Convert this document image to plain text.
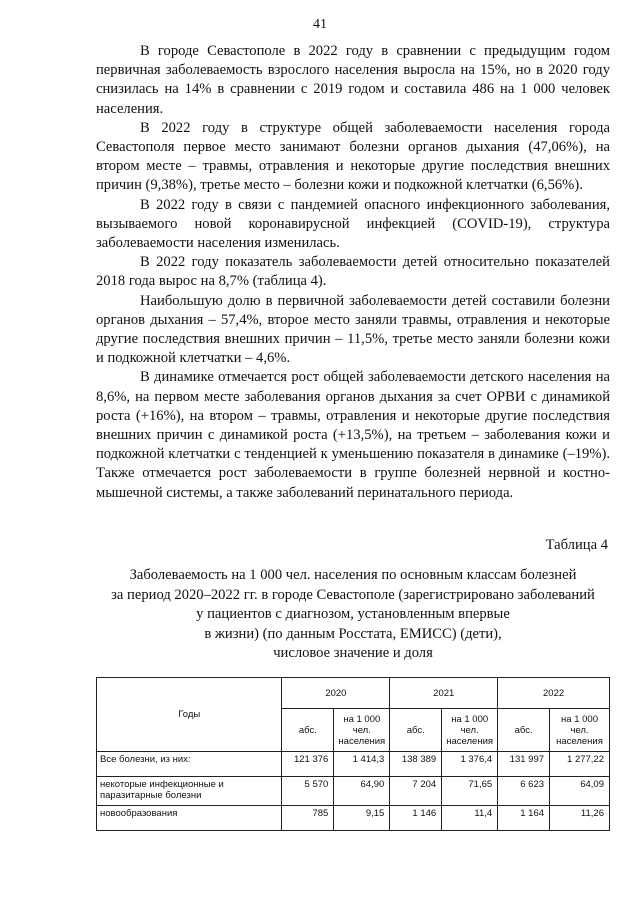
41

В городе Севастополе в 2022 году в сравнении с предыдущим годом первичная заболеваемость взрослого населения выросла на 15%, но в 2020 году снизилась на 14% в сравнении с 2019 годом и составила 486 на 1 000 человек населения.

В 2022 году в структуре общей заболеваемости населения города Севастополя первое место занимают болезни органов дыхания (47,06%), на втором месте – травмы, отравления и некоторые другие последствия внешних причин (9,38%), третье место – болезни кожи и подкожной клетчатки (6,56%).

В 2022 году в связи с пандемией опасного инфекционного заболевания, вызываемого новой коронавирусной инфекцией (COVID-19), структура заболеваемости населения изменилась.

В 2022 году показатель заболеваемости детей относительно показателей 2018 года вырос на 8,7% (таблица 4).

Наибольшую долю в первичной заболеваемости детей составили болезни органов дыхания – 57,4%, второе место заняли травмы, отравления и некоторые другие последствия внешних причин – 11,5%, третье место заняли болезни кожи и подкожной клетчатки – 4,6%.

В динамике отмечается рост общей заболеваемости детского населения на 8,6%, на первом месте заболевания органов дыхания за счет ОРВИ с динамикой роста (+16%), на втором – травмы, отравления и некоторые другие последствия внешних причин с динамикой роста (+13,5%), на третьем – заболевания кожи и подкожной клетчатки с тенденцией к уменьшению показателя в динамике (–19%). Также отмечается рост заболеваемости в группе болезней нервной и костно-мышечной системы, а также заболеваний перинатального периода.

Таблица 4
Заболеваемость на 1 000 чел. населения по основным классам болезней
за период 2020–2022 гг. в городе Севастополе (зарегистрировано заболеваний
у пациентов с диагнозом, установленным впервые
в жизни) (по данным Росстата, ЕМИСС) (дети),
числовое значение и доля
Годы	2020		2021		2022	
	абс.	на 1 000 чел. населения	абс.	на 1 000 чел. населения	абс.	на 1 000 чел. населения
Все болезни, из них:	121 376	1 414,3	138 389	1 376,4	131 997	1 277,22
некоторые инфекционные и паразитарные болезни	5 570	64,90	7 204	71,65	6 623	64,09
новообразования	785	9,15	1 146	11,4	1 164	11,26
